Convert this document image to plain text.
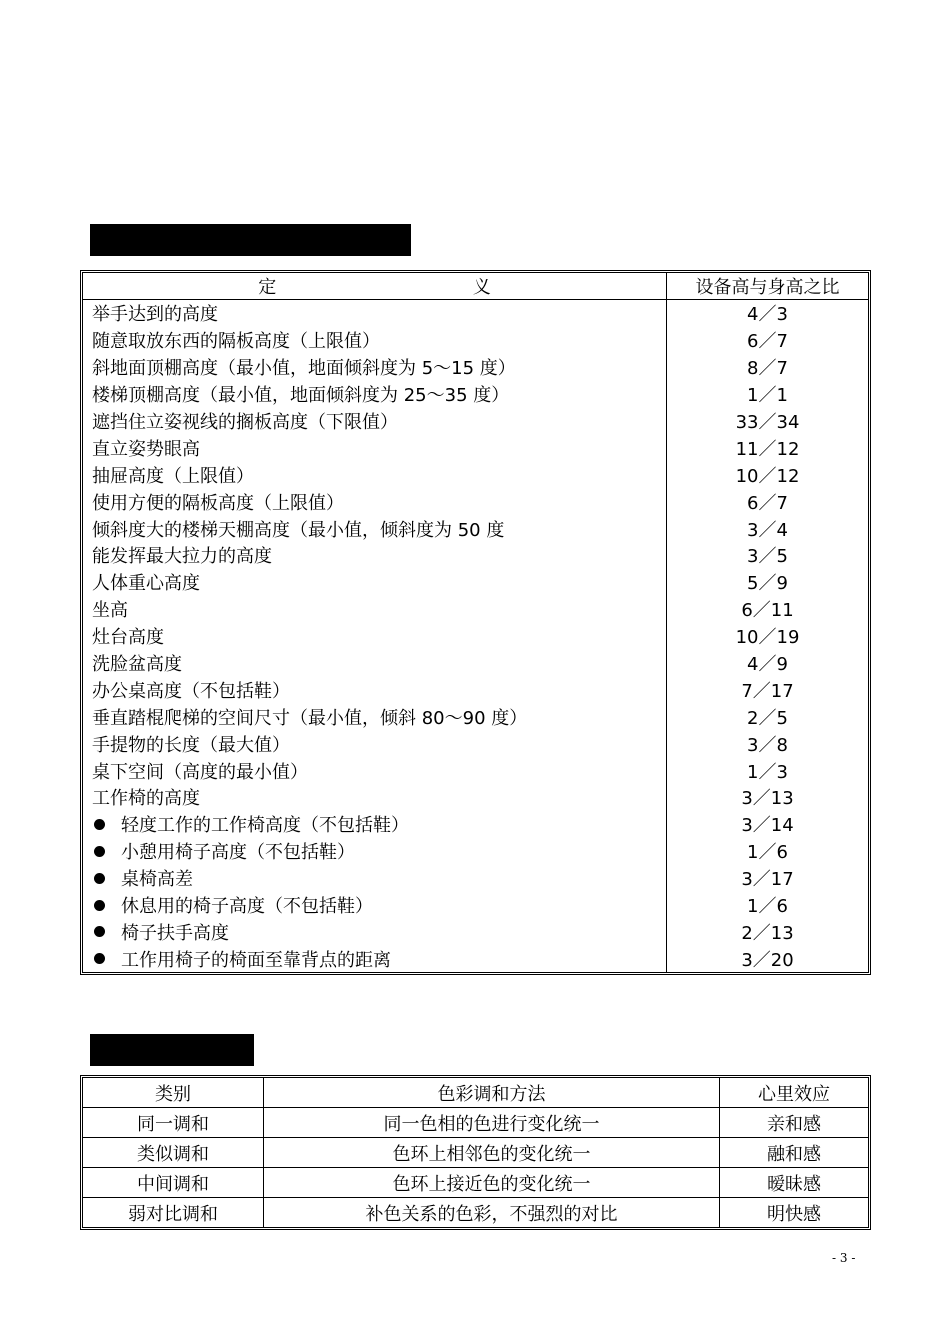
设备和用具的高度与身高的关系
定 义	设备高与身高之比
举手达到的高度	4／3
随意取放东西的隔板高度（上限值）	6／7
斜地面顶棚高度（最小值，地面倾斜度为 5～15 度）	8／7
楼梯顶棚高度（最小值，地面倾斜度为 25～35 度）	1／1
遮挡住立姿视线的搁板高度（下限值）	33／34
直立姿势眼高	11／12
抽屉高度（上限值）	10／12
使用方便的隔板高度（上限值）	6／7
倾斜度大的楼梯天棚高度（最小值，倾斜度为 50 度	3／4
能发挥最大拉力的高度	3／5
人体重心高度	5／9
坐高	6／11
灶台高度	10／19
洗脸盆高度	4／9
办公桌高度（不包括鞋）	7／17
垂直踏棍爬梯的空间尺寸（最小值，倾斜 80～90 度）	2／5
手提物的长度（最大值）	3／8
桌下空间（高度的最小值）	1／3
工作椅的高度	3／13
轻度工作的工作椅高度（不包括鞋）	3／14
小憩用椅子高度（不包括鞋）	1／6
桌椅高差	3／17
休息用的椅子高度（不包括鞋）	1／6
椅子扶手高度	2／13
工作用椅子的椅面至靠背点的距离	3／20
室内调和感分类
类别	色彩调和方法	心里效应
同一调和	同一色相的色进行变化统一	亲和感
类似调和	色环上相邻色的变化统一	融和感
中间调和	色环上接近色的变化统一	暧昧感
弱对比调和	补色关系的色彩，不强烈的对比	明快感
- 3 -
